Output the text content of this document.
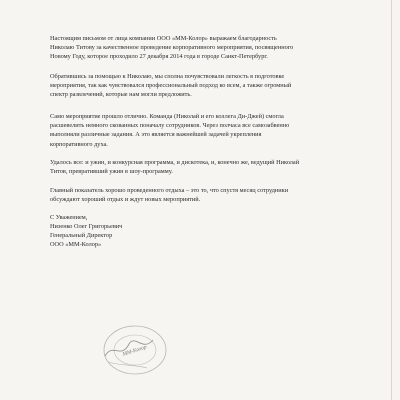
Настоящим письмом от лица компании ООО «ММ-Колор» выражаем благодарность
Николаю Титову за качественное проведение корпоративного мероприятия, посвященного
Новому Году, которое проходило 27 декабря 2014 года в городе Санкт-Петербург.

Обратившись за помощью к Николаю, мы сполна почувствовали легкость в подготовке
мероприятия, так как чувствовался профессиональный подход ко всем, а также огромный
спектр развлечений, которые нам могли предложить.

Само мероприятие прошло отлично. Команда (Николай и его коллега Ди-Джей) смогла
расшевелить немного скованных поначалу сотрудников. Через полчаса все самозабвенно
выполняли различные задания. А это является важнейшей задачей укрепления
корпоративного духа.

Удалось все: и ужин, и конкурсная программа, и дискотека, и, конечно же, ведущий Николай
Титов, превративший ужин в шоу-программу.

Главный показатель хорошо проведенного отдыха – это то, что спустя месяц сотрудники
обсуждают хороший отдых и ждут новых мероприятий.

С Уважением,
Низенко Олег Григорьевич
Генеральный Директор
ООО «ММ-Колор»
ММ-Колор
